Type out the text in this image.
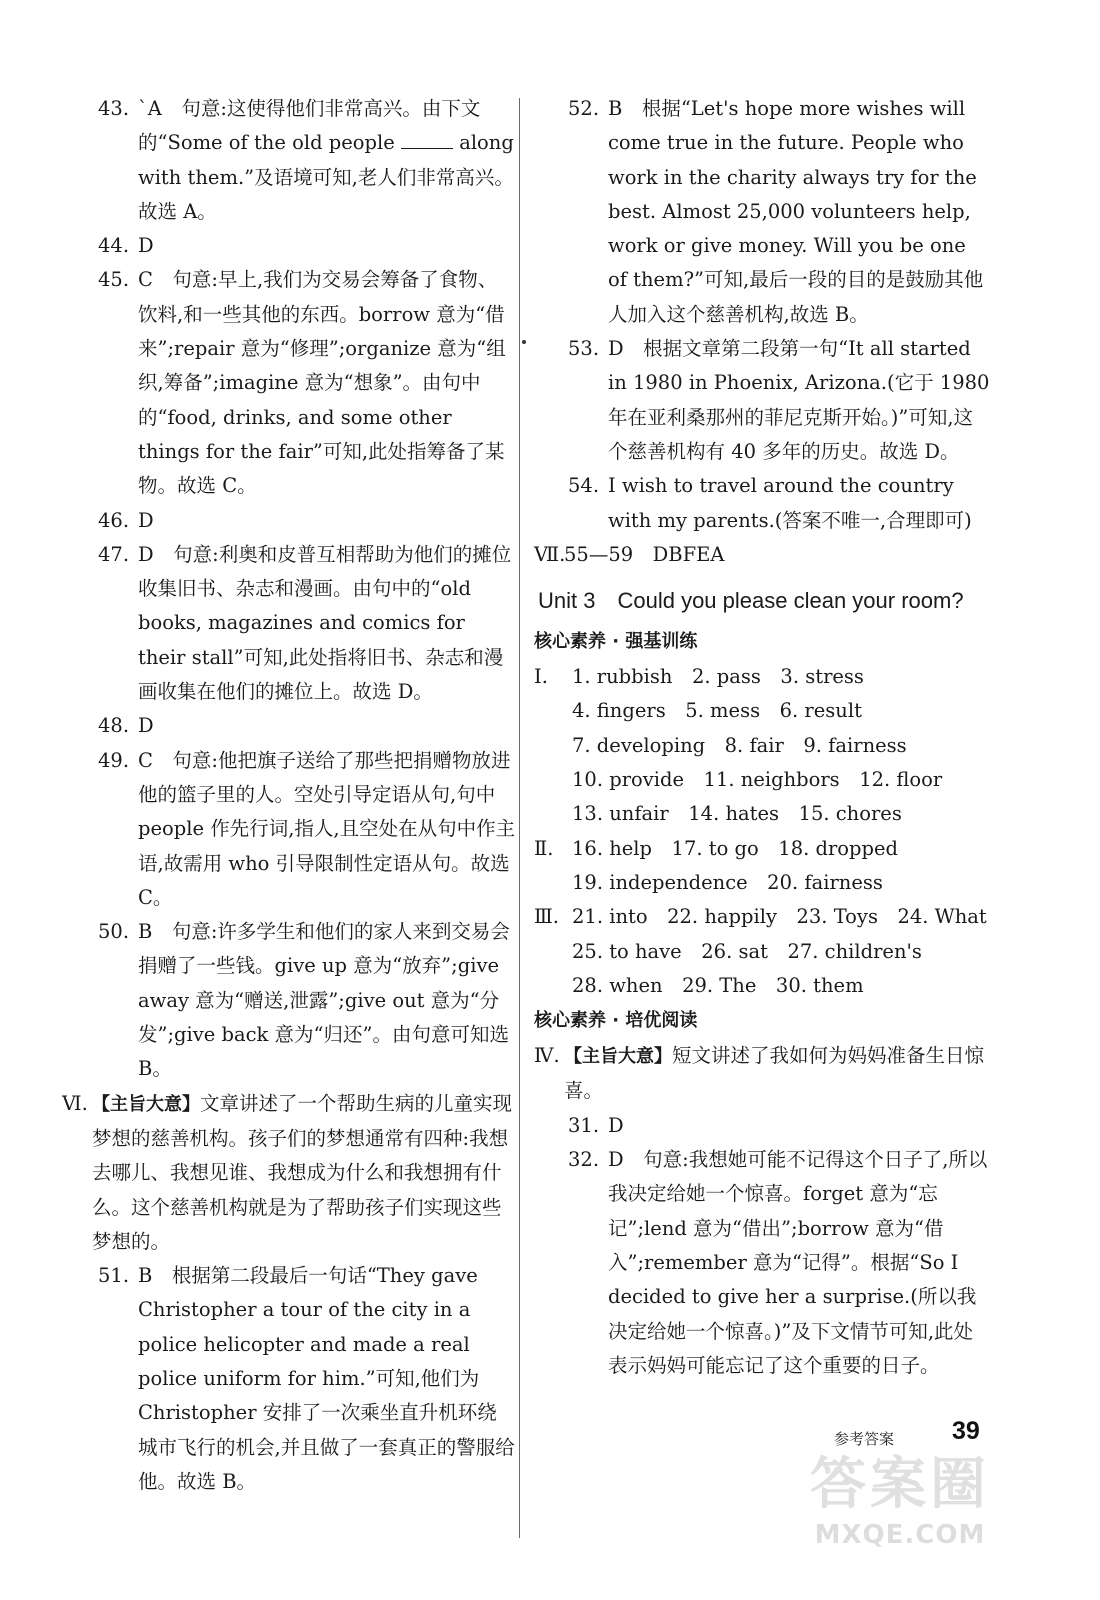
43. `A　句意:这使得他们非常高兴。由下文的“Some of the old people	along with them.”及语境可知,老人们非常高兴。故选 A。
44. D
45. C　句意:早上,我们为交易会筹备了食物、饮料,和一些其他的东西。borrow 意为“借来”;repair 意为“修理”;organize 意为“组织,筹备”;imagine 意为“想象”。由句中的“food, drinks, and some other things for the fair”可知,此处指筹备了某物。故选 C。
46. D
47. D　句意:利奥和皮普互相帮助为他们的摊位收集旧书、杂志和漫画。由句中的“old books, magazines and comics for their stall”可知,此处指将旧书、杂志和漫画收集在他们的摊位上。故选 D。
48. D
49. C　句意:他把旗子送给了那些把捐赠物放进他的篮子里的人。空处引导定语从句,句中 people 作先行词,指人,且空处在从句中作主语,故需用 who 引导限制性定语从句。故选 C。
50. B　句意:许多学生和他们的家人来到交易会捐赠了一些钱。give up 意为“放弃”;give away 意为“赠送,泄露”;give out 意为“分发”;give back 意为“归还”。由句意可知选 B。
Ⅵ. 【主旨大意】文章讲述了一个帮助生病的儿童实现梦想的慈善机构。孩子们的梦想通常有四种:我想去哪儿、我想见谁、我想成为什么和我想拥有什么。这个慈善机构就是为了帮助孩子们实现这些梦想的。
51. B　根据第二段最后一句话“They gave Christopher a tour of the city in a police helicopter and made a real police uniform for him.”可知,他们为 Christopher 安排了一次乘坐直升机环绕城市飞行的机会,并且做了一套真正的警服给他。故选 B。
52. B　根据“Let's hope more wishes will come true in the future. People who work in the charity always try for the best. Almost 25,000 volunteers help, work or give money. Will you be one of them?”可知,最后一段的目的是鼓励其他人加入这个慈善机构,故选 B。
53. D　根据文章第二段第一句“It all started in 1980 in Phoenix, Arizona.(它于 1980 年在亚利桑那州的菲尼克斯开始。)”可知,这个慈善机构有 40 多年的历史。故选 D。
54. I wish to travel around the country with my parents.(答案不唯一,合理即可)
Ⅶ.
55—59　DBFEA
Unit 3　Could you please clean your room?
核心素养 · 强基训练
Ⅰ. 1. rubbish　 2. pass　 3. stress
4. fingers　 5. mess　 6. result
7. developing　 8. fair　 9. fairness
10. provide　 11. neighbors　 12. floor
13. unfair　 14. hates　 15. chores
Ⅱ. 16. help　 17. to go　 18. dropped
19. independence　 20. fairness
Ⅲ. 21. into　 22. happily　 23. Toys　 24. What
25. to have　 26. sat　 27. children's
28. when　 29. The　 30. them
核心素养 · 培优阅读
Ⅳ. 【主旨大意】短文讲述了我如何为妈妈准备生日惊喜。
31. D
32. D　句意:我想她可能不记得这个日子了,所以我决定给她一个惊喜。forget 意为“忘记”;lend 意为“借出”;borrow 意为“借入”;remember 意为“记得”。根据“So I decided to give her a surprise.(所以我决定给她一个惊喜。)”及下文情节可知,此处表示妈妈可能忘记了这个重要的日子。
参考答案 39
答案圈
MXQE.COM
